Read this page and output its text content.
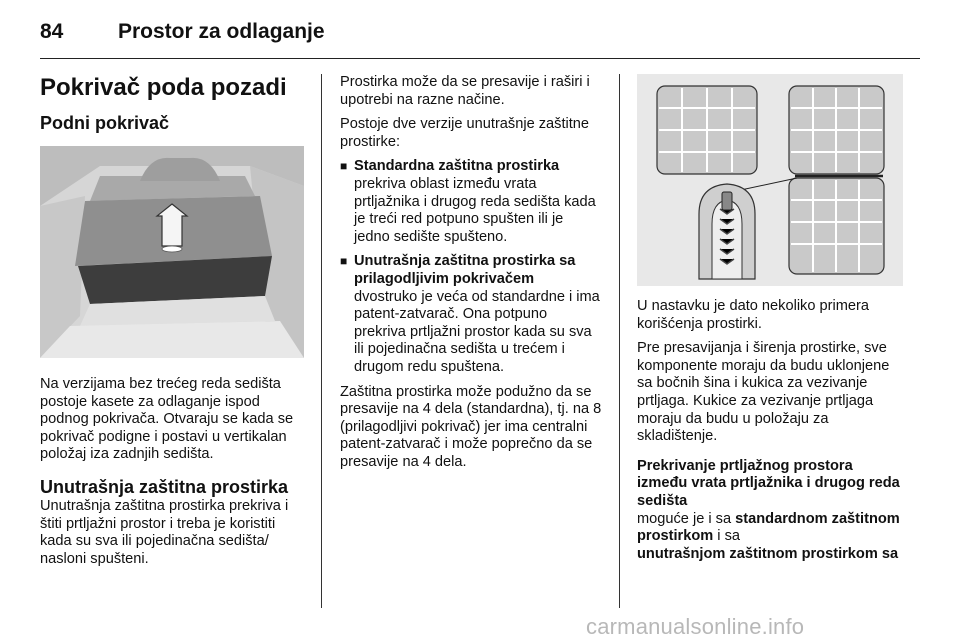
84	Prostor za odlaganje
Pokrivač poda pozadi
Podni pokrivač

Na verzijama bez trećeg reda sedišta postoje kasete za odlaganje ispod podnog pokrivača. Otvaraju se kada se pokrivač podigne i postavi u vertikalan položaj iza zadnjih sedišta.

Unutrašnja zaštitna prostirka

Unutrašnja zaštitna prostirka prekriva i štiti prtljažni prostor i treba je koristiti kada su sva ili pojedinačna sedišta/ nasloni spušteni.

Prostirka može da se presavije i raširi i upotrebi na razne načine.

Postoje dve verzije unutrašnje zaštitne prostirke:

■ Standardna zaštitna prostirka
prekriva oblast između vrata prtljažnika i drugog reda sedišta kada je treći red potpuno spušten ili je jedno sedište spušteno.
■ Unutrašnja zaštitna prostirka sa prilagodljivim pokrivačem
dvostruko je veća od standardne i ima patent-zatvarač. Ona potpuno prekriva prtljažni prostor kada su sva ili pojedinačna sedišta u trećem i drugom redu spuštena.

Zaštitna prostirka može podužno da se presavije na 4 dela (standardna), tj. na 8 (prilagodljivi pokrivač) jer ima centralni patent-zatvarač i može poprečno da se presavije na 4 dela.

U nastavku je dato nekoliko primera korišćenja prostirki.

Pre presavijanja i širenja prostirke, sve komponente moraju da budu uklonjene sa bočnih šina i kukica za vezivanje prtljaga. Kukice za vezivanje prtljaga moraju da budu u položaju za skladištenje.

Prekrivanje prtljažnog prostora između vrata prtljažnika i drugog reda sedišta
moguće je i sa standardnom zaštitnom prostirkom i sa
unutrašnjom zaštitnom prostirkom sa

carmanualsonline.info
